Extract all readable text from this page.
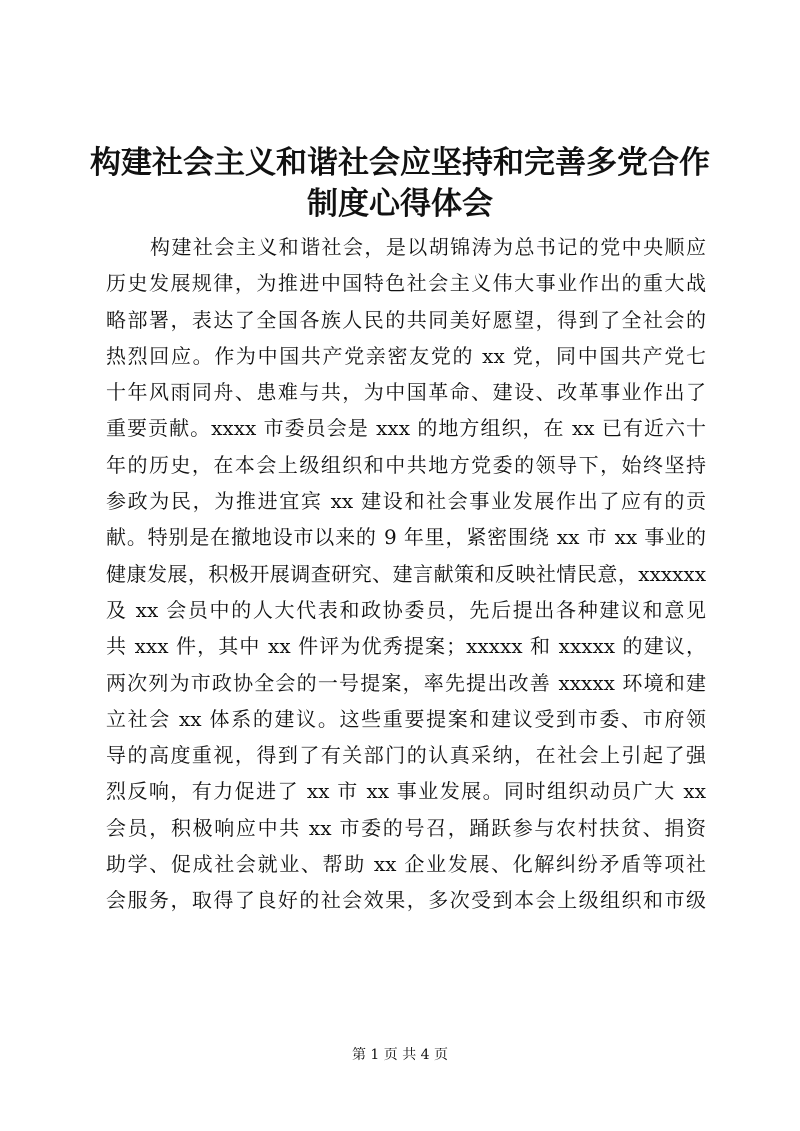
构建社会主义和谐社会应坚持和完善多党合作
制度心得体会
构建社会主义和谐社会，是以胡锦涛为总书记的党中央顺应
历史发展规律，为推进中国特色社会主义伟大事业作出的重大战
略部署，表达了全国各族人民的共同美好愿望，得到了全社会的
热烈回应。作为中国共产党亲密友党的 xx 党，同中国共产党七
十年风雨同舟、患难与共，为中国革命、建设、改革事业作出了
重要贡献。xxxx 市委员会是 xxx 的地方组织，在 xx 已有近六十
年的历史，在本会上级组织和中共地方党委的领导下，始终坚持
参政为民，为推进宜宾 xx 建设和社会事业发展作出了应有的贡
献。特别是在撤地设市以来的 9 年里，紧密围绕 xx 市 xx 事业的
健康发展，积极开展调查研究、建言献策和反映社情民意，xxxxxx
及 xx 会员中的人大代表和政协委员，先后提出各种建议和意见
共 xxx 件，其中 xx 件评为优秀提案；xxxxx 和 xxxxx 的建议，
两次列为市政协全会的一号提案，率先提出改善 xxxxx 环境和建
立社会 xx 体系的建议。这些重要提案和建议受到市委、市府领
导的高度重视，得到了有关部门的认真采纳，在社会上引起了强
烈反响，有力促进了 xx 市 xx 事业发展。同时组织动员广大 xx
会员，积极响应中共 xx 市委的号召，踊跃参与农村扶贫、捐资
助学、促成社会就业、帮助 xx 企业发展、化解纠纷矛盾等项社
会服务，取得了良好的社会效果，多次受到本会上级组织和市级
第 1 页 共 4 页
